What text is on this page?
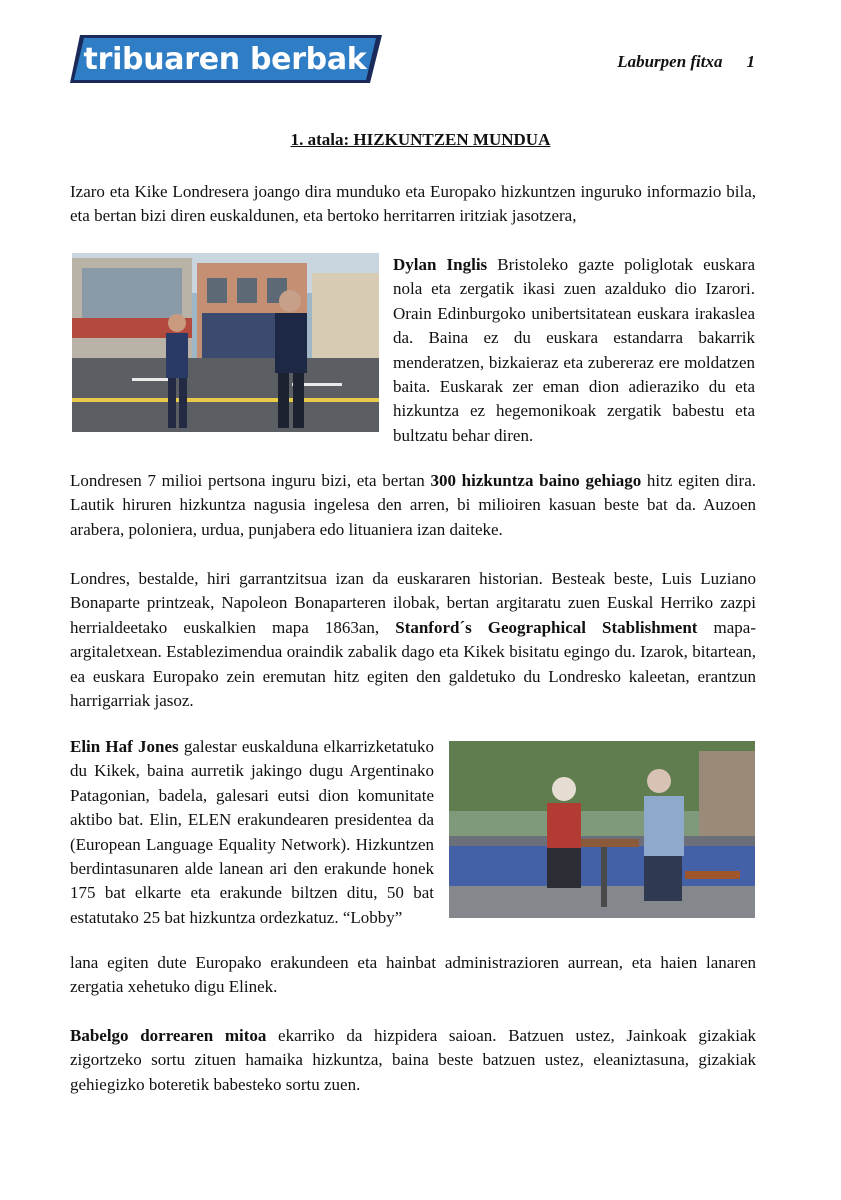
tribuaren berbak	Laburpen fitxa 1
1. atala: HIZKUNTZEN MUNDUA

Izaro eta Kike Londresera joango dira munduko eta Europako hizkuntzen inguruko informazio bila, eta bertan bizi diren euskaldunen, eta bertoko herritarren iritziak jasotzera,

Dylan Inglis Bristoleko gazte poliglotak euskara nola eta zergatik ikasi zuen azalduko dio Izarori. Orain Edinburgoko unibertsitatean euskara irakaslea da. Baina ez du euskara estandarra bakarrik menderatzen, bizkaieraz eta zubereraz ere moldatzen baita. Euskarak zer eman dion adieraziko du eta hizkuntza ez hegemonikoak zergatik babestu eta bultzatu behar diren.

Londresen 7 milioi pertsona inguru bizi, eta bertan 300 hizkuntza baino gehiago hitz egiten dira. Lautik hiruren hizkuntza nagusia ingelesa den arren, bi milioiren kasuan beste bat da. Auzoen arabera, poloniera, urdua, punjabera edo lituaniera izan daiteke.

Londres, bestalde, hiri garrantzitsua izan da euskararen historian. Besteak beste, Luis Luziano Bonaparte printzeak, Napoleon Bonaparteren ilobak, bertan argitaratu zuen Euskal Herriko zazpi herrialdeetako euskalkien mapa 1863an, Stanford´s Geographical Stablishment mapa-argitaletxean. Establezimendua oraindik zabalik dago eta Kikek bisitatu egingo du. Izarok, bitartean, ea euskara Europako zein eremutan hitz egiten den galdetuko du Londresko kaleetan, erantzun harrigarriak jasoz.

Elin Haf Jones galestar euskalduna elkarrizketatuko du Kikek, baina aurretik jakingo dugu Argentinako Patagonian, badela, galesari eutsi dion komunitate aktibo bat. Elin, ELEN erakundearen presidentea da (European Language Equality Network). Hizkuntzen berdintasunaren alde lanean ari den erakunde honek 175 bat elkarte eta erakunde biltzen ditu, 50 bat estatutako 25 bat hizkuntza ordezkatuz. “Lobby”

lana egiten dute Europako erakundeen eta hainbat administrazioren aurrean, eta haien lanaren zergatia xehetuko digu Elinek.

Babelgo dorrearen mitoa ekarriko da hizpidera saioan. Batzuen ustez, Jainkoak gizakiak zigortzeko sortu zituen hamaika hizkuntza, baina beste batzuen ustez, eleaniztasuna, gizakiak gehiegizko boteretik babesteko sortu zuen.
